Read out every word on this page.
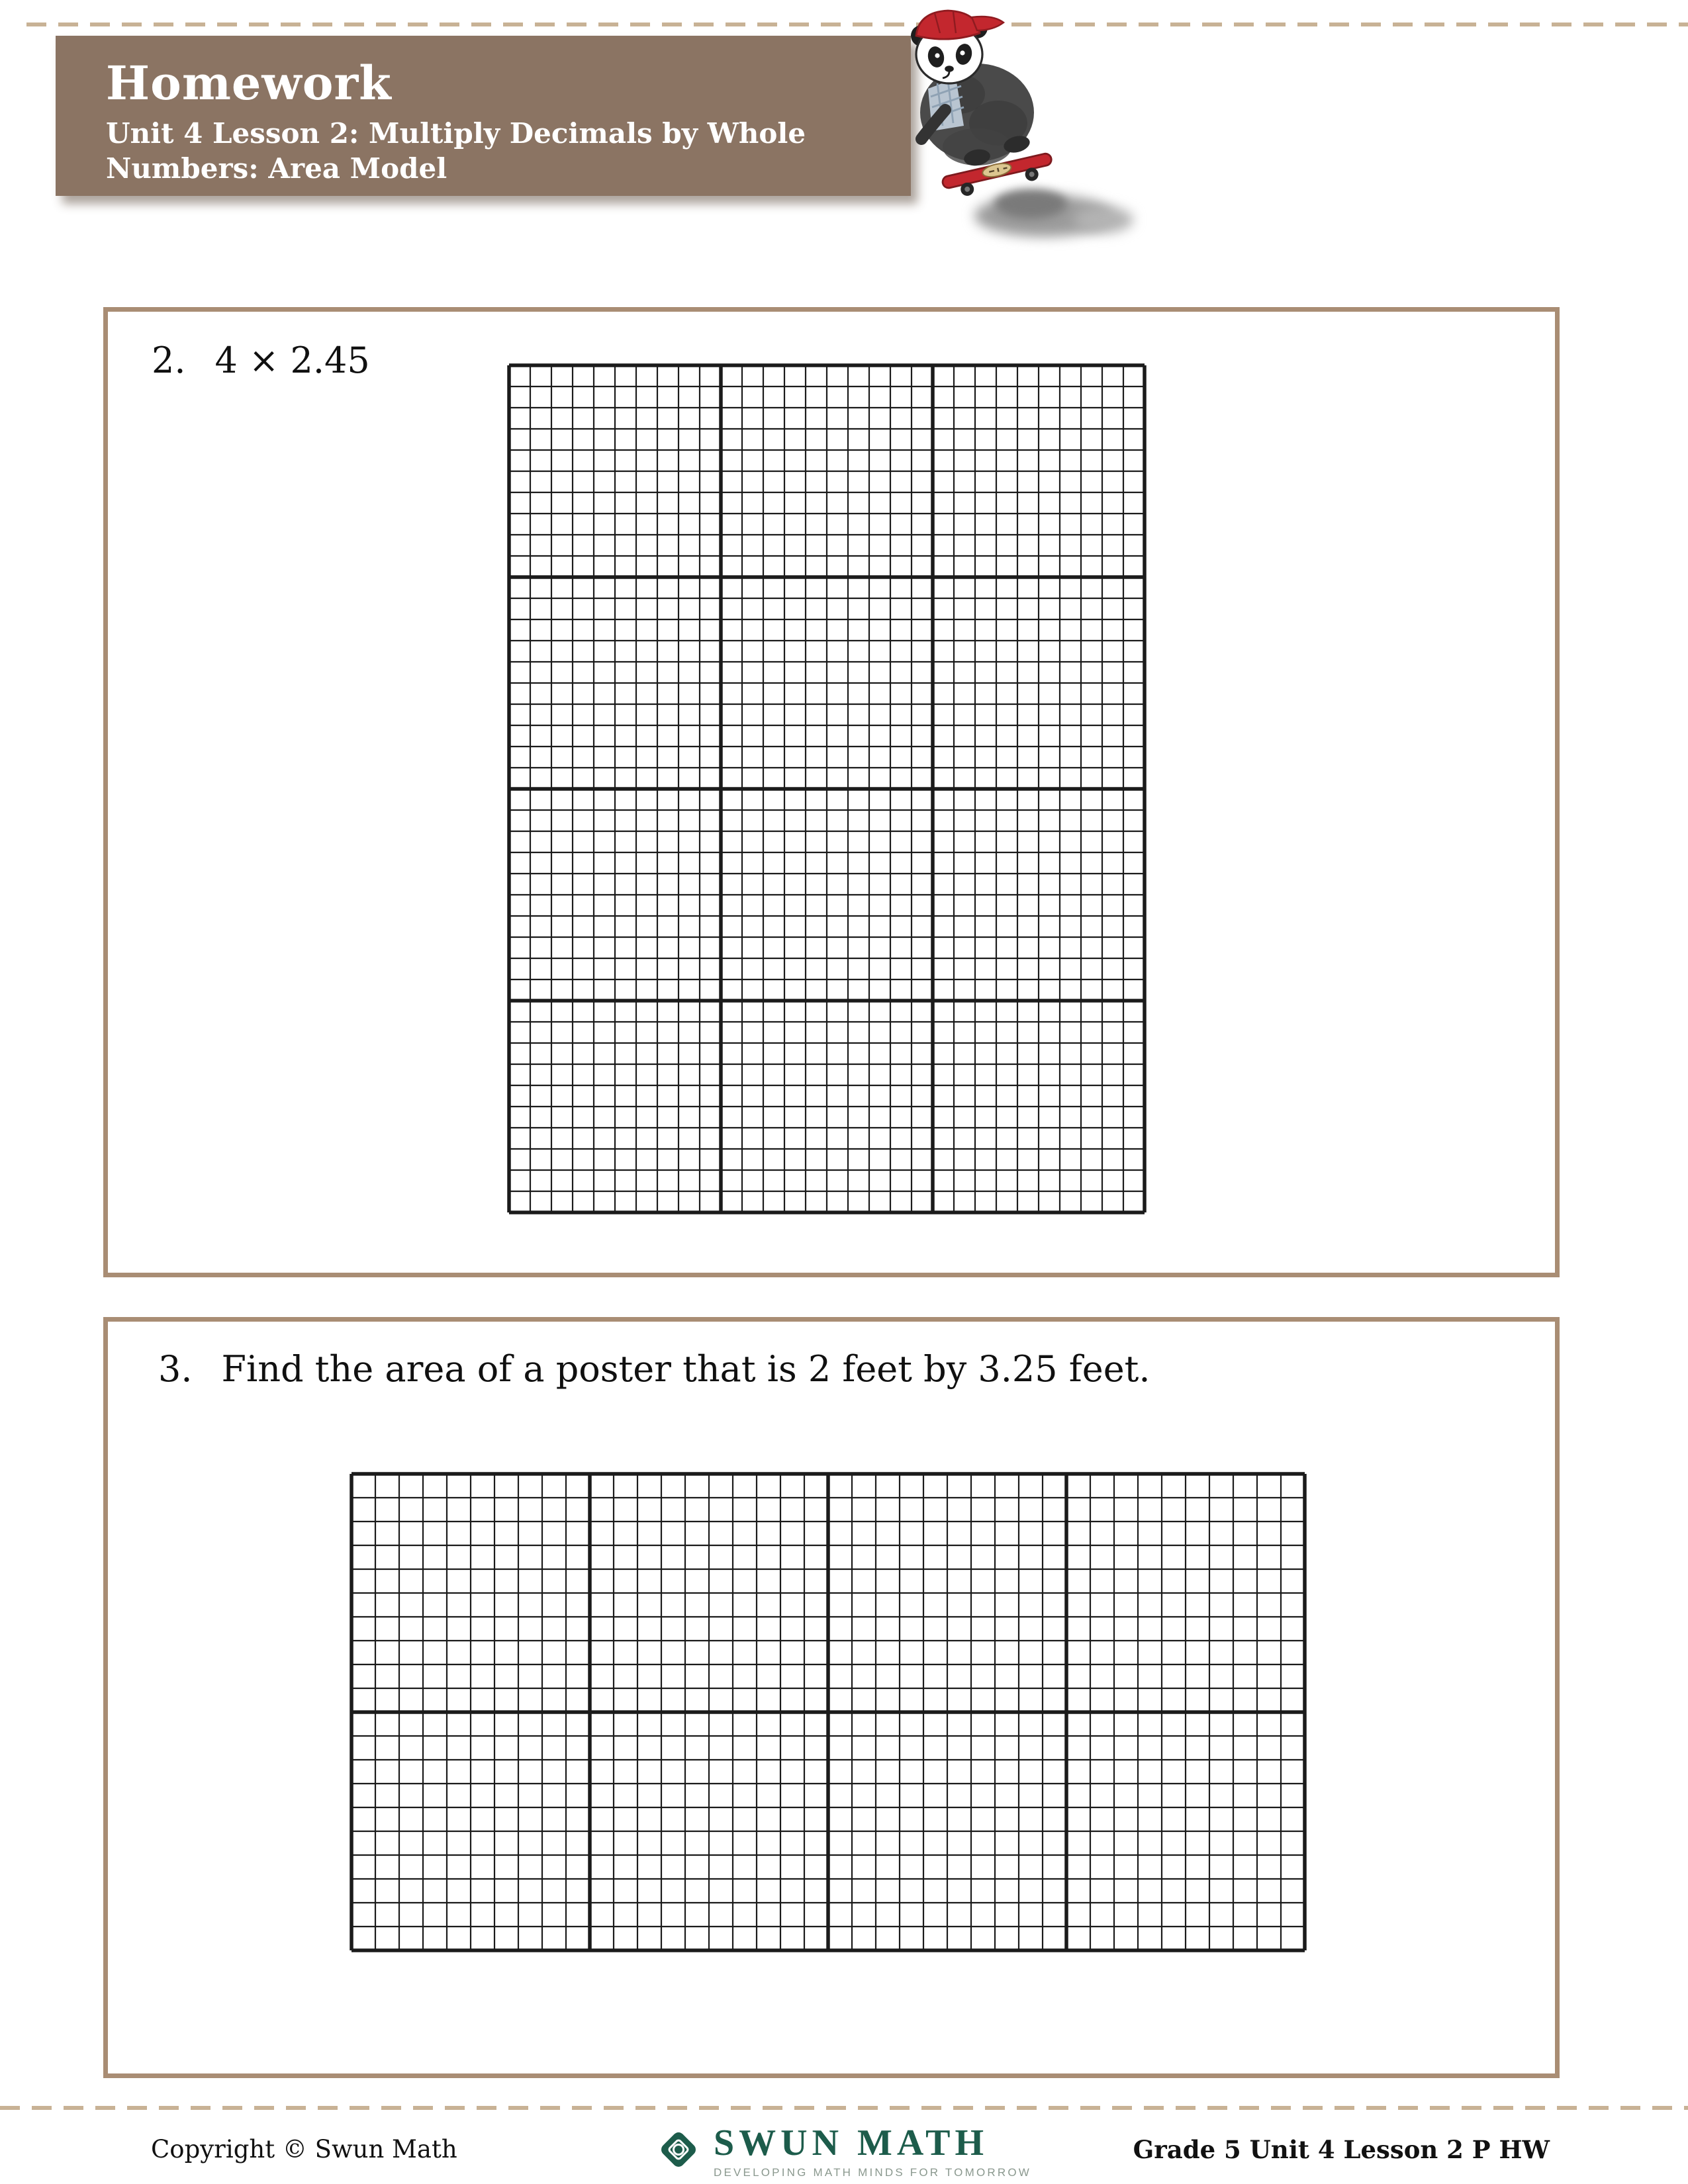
Homework
Unit 4 Lesson 2: Multiply Decimals by Whole
Numbers: Area Model
2. 4 × 2.45
3. Find the area of a poster that is 2 feet by 3.25 feet.
Copyright © Swun Math	SWUN MATH
DEVELOPING MATH MINDS FOR TOMORROW
Grade 5 Unit 4 Lesson 2 P HW
